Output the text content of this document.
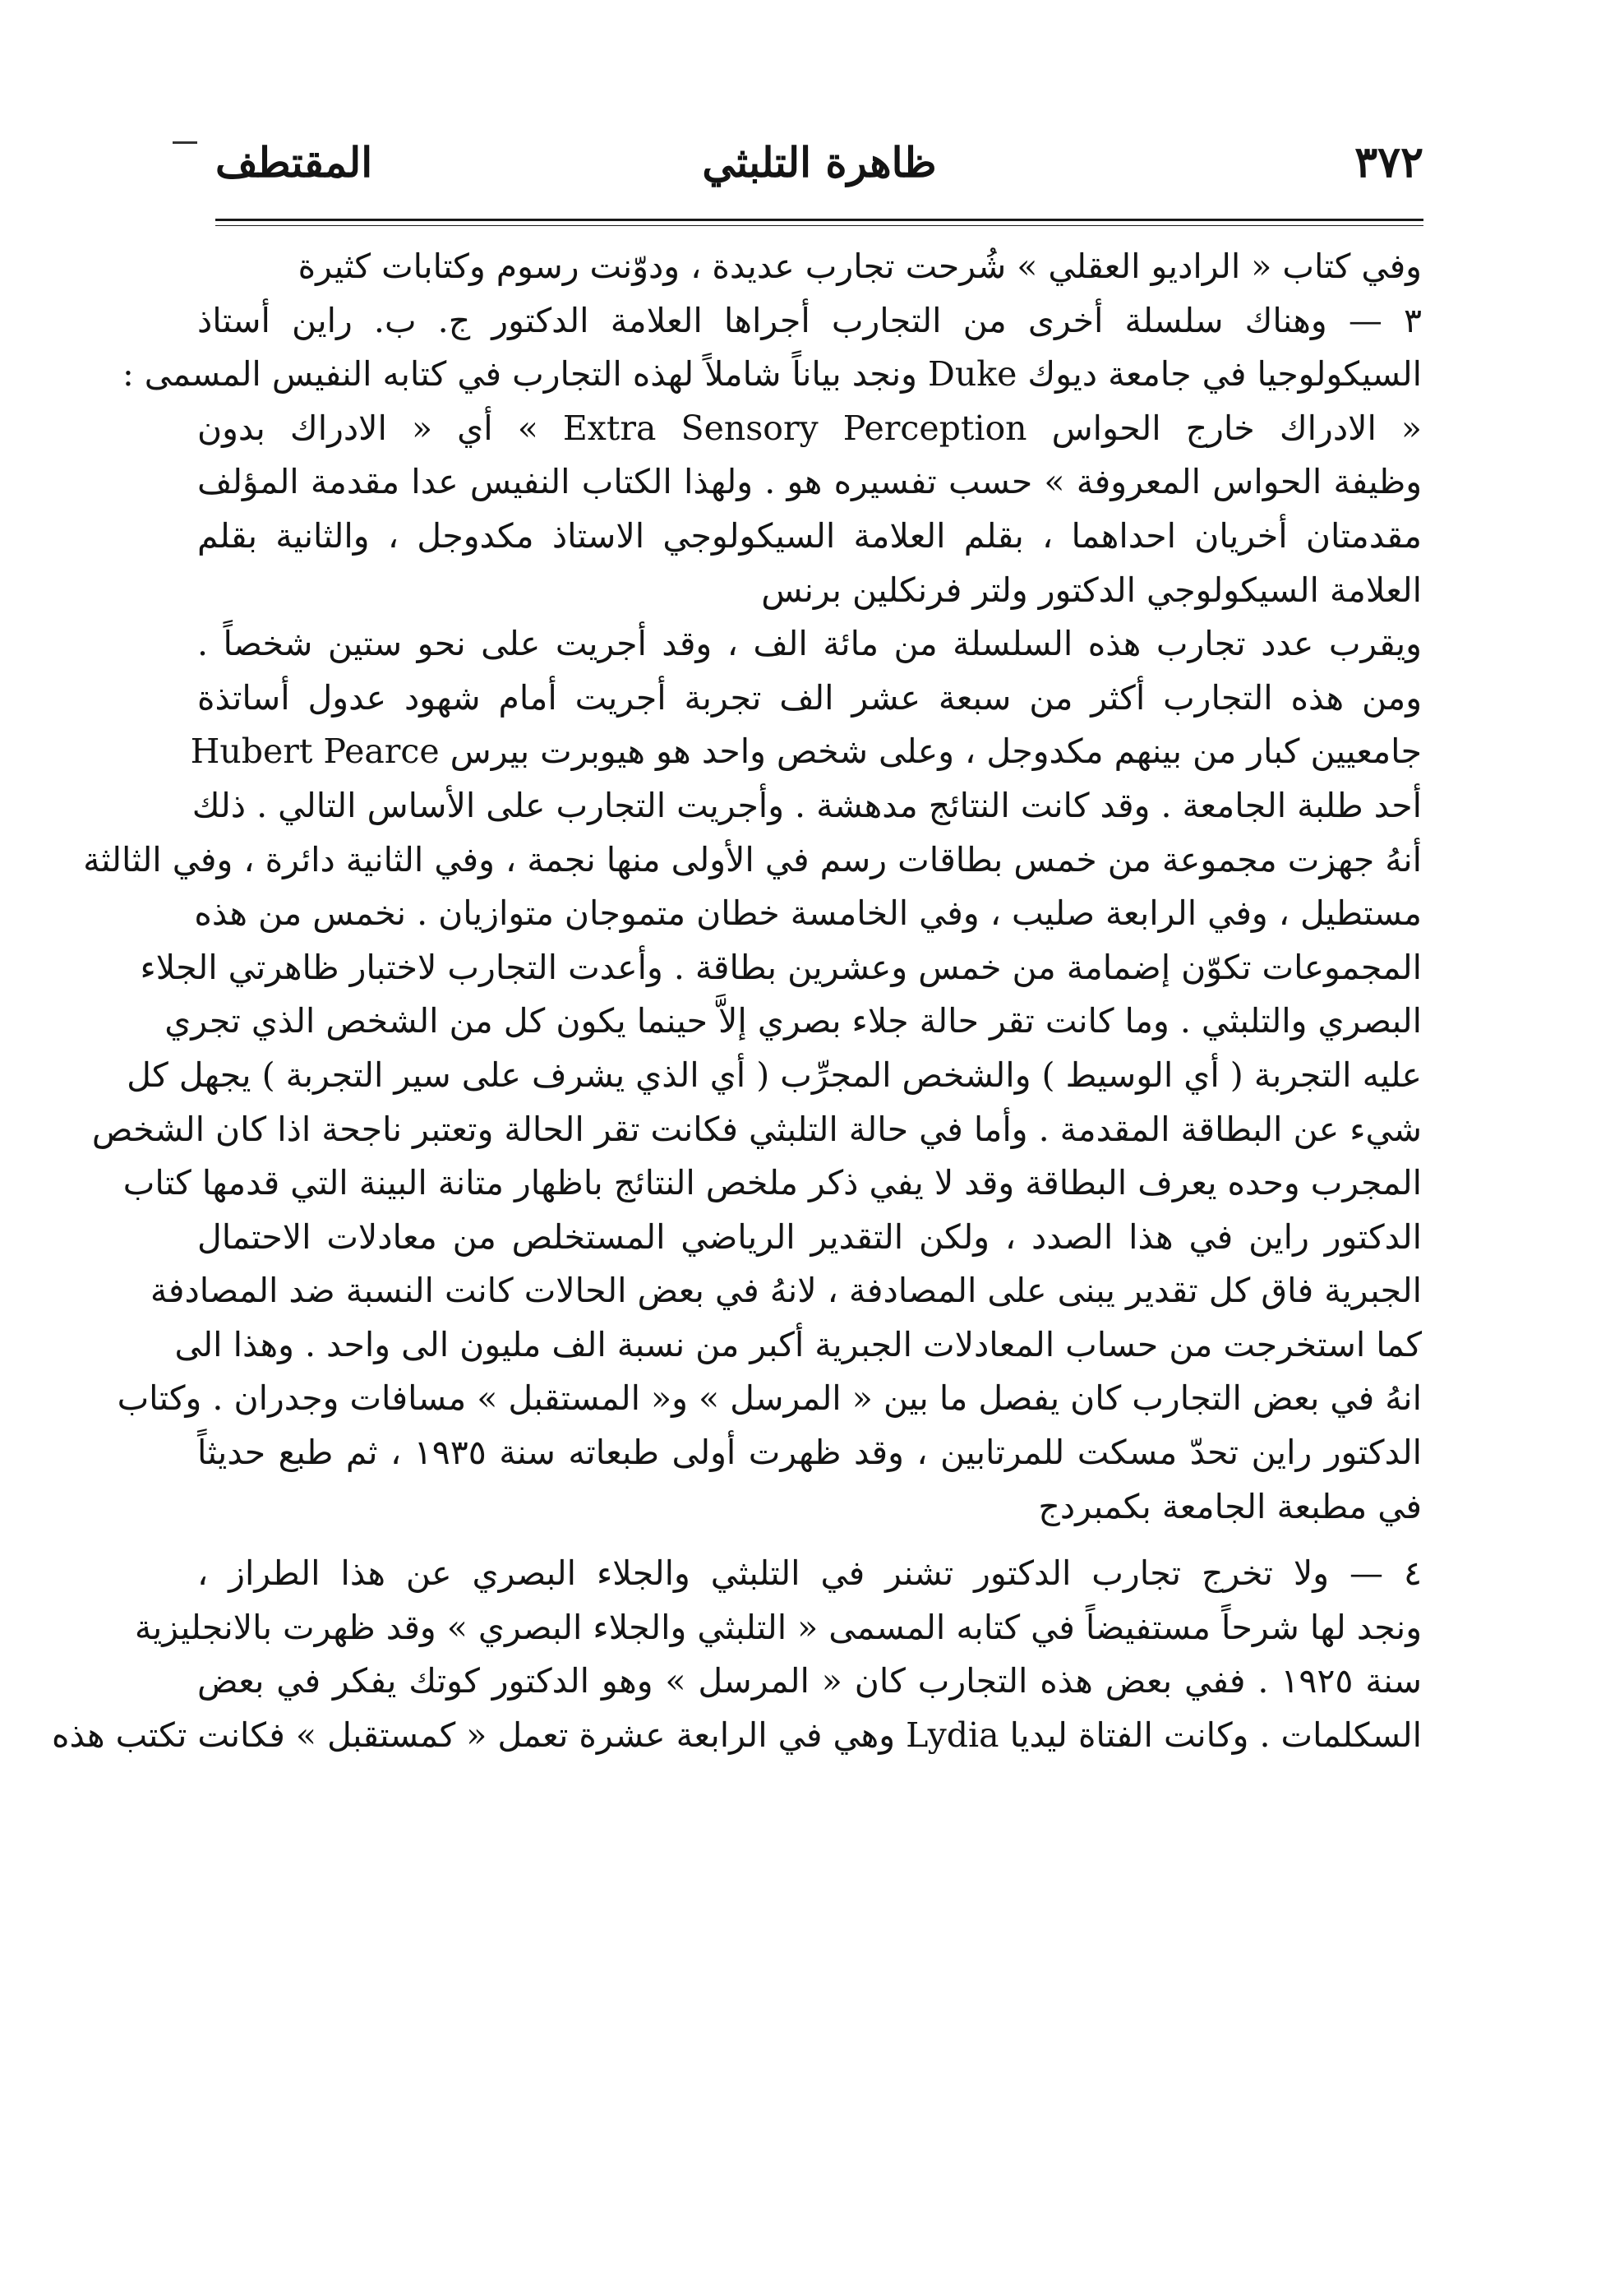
٣٧٢
ظاهرة التلبثي
المقتطف
وفي كتاب « الراديو العقلي » شُرحت تجارب عديدة ، ودوّنت رسوم وكتابات كثيرة
٣ — وهناك سلسلة أخرى من التجارب أجراها العلامة الدكتور ج. ب. راين أستاذ
السيكولوجيا في جامعة ديوك Duke ونجد بياناً شاملاً لهذه التجارب في كتابه النفيس المسمى :
« الادراك خارج الحواس Extra Sensory Perception » أي « الادراك بدون
وظيفة الحواس المعروفة » حسب تفسيره هو . ولهذا الكتاب النفيس عدا مقدمة المؤلف
مقدمتان أخريان احداهما ، بقلم العلامة السيكولوجي الاستاذ مكدوجل ، والثانية بقلم
العلامة السيكولوجي الدكتور ولتر فرنكلين برنس
ويقرب عدد تجارب هذه السلسلة من مائة الف ، وقد أجريت على نحو ستين شخصاً .
ومن هذه التجارب أكثر من سبعة عشر الف تجربة أجريت أمام شهود عدول أساتذة
جامعيين كبار من بينهم مكدوجل ، وعلى شخص واحد هو هيوبرت بيرس Hubert Pearce
أحد طلبة الجامعة . وقد كانت النتائج مدهشة . وأجريت التجارب على الأساس التالي . ذلك
أنهُ جهزت مجموعة من خمس بطاقات رسم في الأولى منها نجمة ، وفي الثانية دائرة ، وفي الثالثة
مستطيل ، وفي الرابعة صليب ، وفي الخامسة خطان متموجان متوازيان . نخمس من هذه
المجموعات تكوّن إضمامة من خمس وعشرين بطاقة . وأعدت التجارب لاختبار ظاهرتي الجلاء
البصري والتلبثي . وما كانت تقر حالة جلاء بصري إلاَّ حينما يكون كل من الشخص الذي تجري
عليه التجربة ( أي الوسيط ) والشخص المجرِّب ( أي الذي يشرف على سير التجربة ) يجهل كل
شيء عن البطاقة المقدمة . وأما في حالة التلبثي فكانت تقر الحالة وتعتبر ناجحة اذا كان الشخص
المجرب وحده يعرف البطاقة وقد لا يفي ذكر ملخص النتائج باظهار متانة البينة التي قدمها كتاب
الدكتور راين في هذا الصدد ، ولكن التقدير الرياضي المستخلص من معادلات الاحتمال
الجبرية فاق كل تقدير يبنى على المصادفة ، لانهُ في بعض الحالات كانت النسبة ضد المصادفة
كما استخرجت من حساب المعادلات الجبرية أكبر من نسبة الف مليون الى واحد . وهذا الى
انهُ في بعض التجارب كان يفصل ما بين « المرسل » و« المستقبل » مسافات وجدران . وكتاب
الدكتور راين تحدّ مسكت للمرتابين ، وقد ظهرت أولى طبعاته سنة ١٩٣٥ ، ثم طبع حديثاً
في مطبعة الجامعة بكمبردج
٤ — ولا تخرج تجارب الدكتور تشنر في التلبثي والجلاء البصري عن هذا الطراز ،
ونجد لها شرحاً مستفيضاً في كتابه المسمى « التلبثي والجلاء البصري » وقد ظهرت بالانجليزية
سنة ١٩٢٥ . ففي بعض هذه التجارب كان « المرسل » وهو الدكتور كوتك يفكر في بعض
السكلمات . وكانت الفتاة ليديا Lydia وهي في الرابعة عشرة تعمل « كمستقبل » فكانت تكتب هذه
